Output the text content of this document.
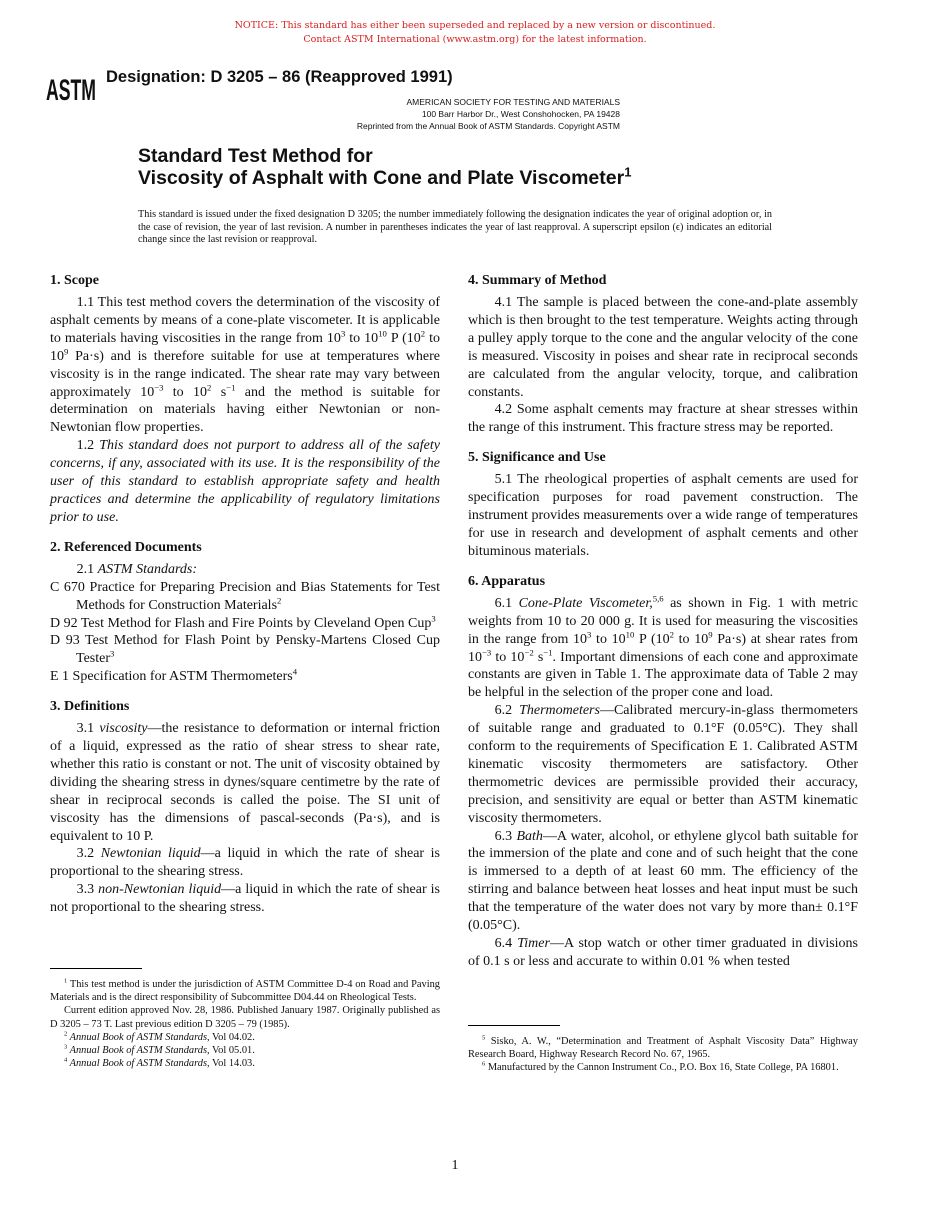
NOTICE: This standard has either been superseded and replaced by a new version or discontinued.
Contact ASTM International (www.astm.org) for the latest information.
ASTM Designation: D 3205 – 86 (Reapproved 1991)
AMERICAN SOCIETY FOR TESTING AND MATERIALS
100 Barr Harbor Dr., West Conshohocken, PA 19428
Reprinted from the Annual Book of ASTM Standards. Copyright ASTM
Standard Test Method for
Viscosity of Asphalt with Cone and Plate Viscometer$^1$
This standard is issued under the fixed designation D 3205; the number immediately following the designation indicates the year of original adoption or, in the case of revision, the year of last revision. A number in parentheses indicates the year of last reapproval. A superscript epsilon (ϵ) indicates an editorial change since the last revision or reapproval.
1. Scope

1.1 This test method covers the determination of the viscosity of asphalt cements by means of a cone-plate viscometer. It is applicable to materials having viscosities in the range from $10^3$ to $10^{10}$ P ($10^2$ to $10^9$ Pa·s) and is therefore suitable for use at temperatures where viscosity is in the range indicated. The shear rate may vary between approximately $10^{-3}$ to $10^2$ $s^{-1}$ and the method is suitable for determination on materials having either Newtonian or non-Newtonian flow properties.

1.2 This standard does not purport to address all of the safety concerns, if any, associated with its use. It is the responsibility of the user of this standard to establish appropriate safety and health practices and determine the applicability of regulatory limitations prior to use.

2. Referenced Documents

2.1 ASTM Standards:

C 670 Practice for Preparing Precision and Bias Statements for Test Methods for Construction Materials$^2$

D 92 Test Method for Flash and Fire Points by Cleveland Open Cup$^3$

D 93 Test Method for Flash Point by Pensky-Martens Closed Cup Tester$^3$

E 1 Specification for ASTM Thermometers$^4$

3. Definitions

3.1 viscosity—the resistance to deformation or internal friction of a liquid, expressed as the ratio of shear stress to shear rate, whether this ratio is constant or not. The unit of viscosity obtained by dividing the shearing stress in dynes/square centimetre by the rate of shear in reciprocal seconds is called the poise. The SI unit of viscosity has the dimensions of pascal-seconds (Pa·s), and is equivalent to 10 P.

3.2 Newtonian liquid—a liquid in which the rate of shear is proportional to the shearing stress.

3.3 non-Newtonian liquid—a liquid in which the rate of shear is not proportional to the shearing stress.

4. Summary of Method

4.1 The sample is placed between the cone-and-plate assembly which is then brought to the test temperature. Weights acting through a pulley apply torque to the cone and the angular velocity of the cone is measured. Viscosity in poises and shear rate in reciprocal seconds are calculated from the angular velocity, torque, and calibration constants.

4.2 Some asphalt cements may fracture at shear stresses within the range of this instrument. This fracture stress may be reported.

5. Significance and Use

5.1 The rheological properties of asphalt cements are used for specification purposes for road pavement construction. The instrument provides measurements over a wide range of temperatures for use in research and development of asphalt cements and other bituminous materials.

6. Apparatus

6.1 Cone-Plate Viscometer,$^{5,6}$ as shown in Fig. 1 with metric weights from 10 to 20 000 g. It is used for measuring the viscosities in the range from $10^3$ to $10^{10}$ P ($10^2$ to $10^9$ Pa·s) at shear rates from $10^{-3}$ to $10^{-2}$ $s^{-1}$. Important dimensions of each cone and approximate constants are given in Table 1. The approximate data of Table 2 may be helpful in the selection of the proper cone and load.

6.2 Thermometers—Calibrated mercury-in-glass thermometers of suitable range and graduated to 0.1°F (0.05°C). They shall conform to the requirements of Specification E 1. Calibrated ASTM kinematic viscosity thermometers are satisfactory. Other thermometric devices are permissible provided their accuracy, precision, and sensitivity are equal or better than ASTM kinematic viscosity thermometers.

6.3 Bath—A water, alcohol, or ethylene glycol bath suitable for the immersion of the plate and cone and of such height that the cone is immersed to a depth of at least 60 mm. The efficiency of the stirring and balance between heat losses and heat input must be such that the temperature of the water does not vary by more than± 0.1°F (0.05°C).

6.4 Timer—A stop watch or other timer graduated in divisions of 0.1 s or less and accurate to within 0.01 % when tested

$^1$ This test method is under the jurisdiction of ASTM Committee D-4 on Road and Paving Materials and is the direct responsibility of Subcommittee D04.44 on Rheological Tests.

Current edition approved Nov. 28, 1986. Published January 1987. Originally published as D 3205 – 73 T. Last previous edition D 3205 – 79 (1985).

$^2$ Annual Book of ASTM Standards, Vol 04.02.

$^3$ Annual Book of ASTM Standards, Vol 05.01.

$^4$ Annual Book of ASTM Standards, Vol 14.03.

$^5$ Sisko, A. W., “Determination and Treatment of Asphalt Viscosity Data” Highway Research Board, Highway Research Record No. 67, 1965.

$^6$ Manufactured by the Cannon Instrument Co., P.O. Box 16, State College, PA 16801.

1
